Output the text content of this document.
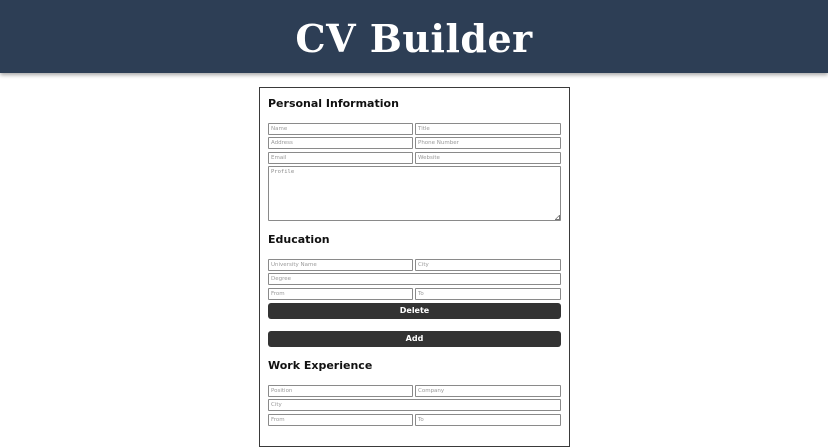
CV Builder
Personal Information
Name
Title
Address
Phone Number
Email
Website
Profile
Education
University Name
City
Degree
From
To
Delete
Add
Work Experience
Position
Company
City
From
To
